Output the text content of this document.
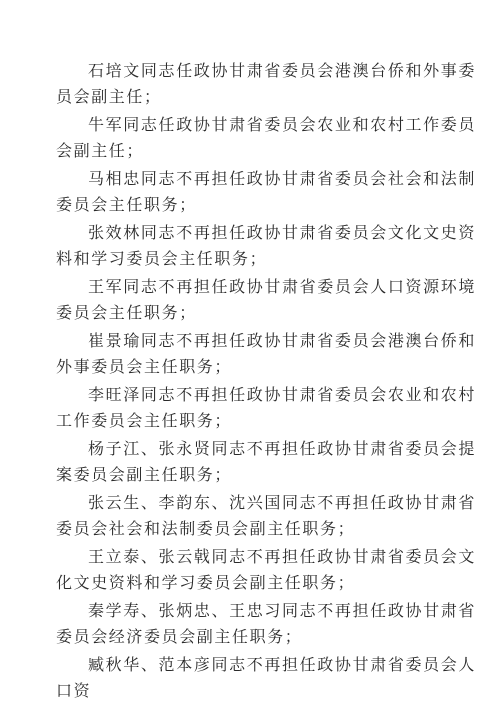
石培文同志任政协甘肃省委员会港澳台侨和外事委员会副主任；

牛军同志任政协甘肃省委员会农业和农村工作委员会副主任；

马相忠同志不再担任政协甘肃省委员会社会和法制委员会主任职务；

张效林同志不再担任政协甘肃省委员会文化文史资料和学习委员会主任职务；

王军同志不再担任政协甘肃省委员会人口资源环境委员会主任职务；

崔景瑜同志不再担任政协甘肃省委员会港澳台侨和外事委员会主任职务；

李旺泽同志不再担任政协甘肃省委员会农业和农村工作委员会主任职务；

杨子江、张永贤同志不再担任政协甘肃省委员会提案委员会副主任职务；

张云生、李韵东、沈兴国同志不再担任政协甘肃省委员会社会和法制委员会副主任职务；

王立泰、张云戟同志不再担任政协甘肃省委员会文化文史资料和学习委员会副主任职务；

秦学寿、张炳忠、王忠习同志不再担任政协甘肃省委员会经济委员会副主任职务；

臧秋华、范本彦同志不再担任政协甘肃省委员会人口资
